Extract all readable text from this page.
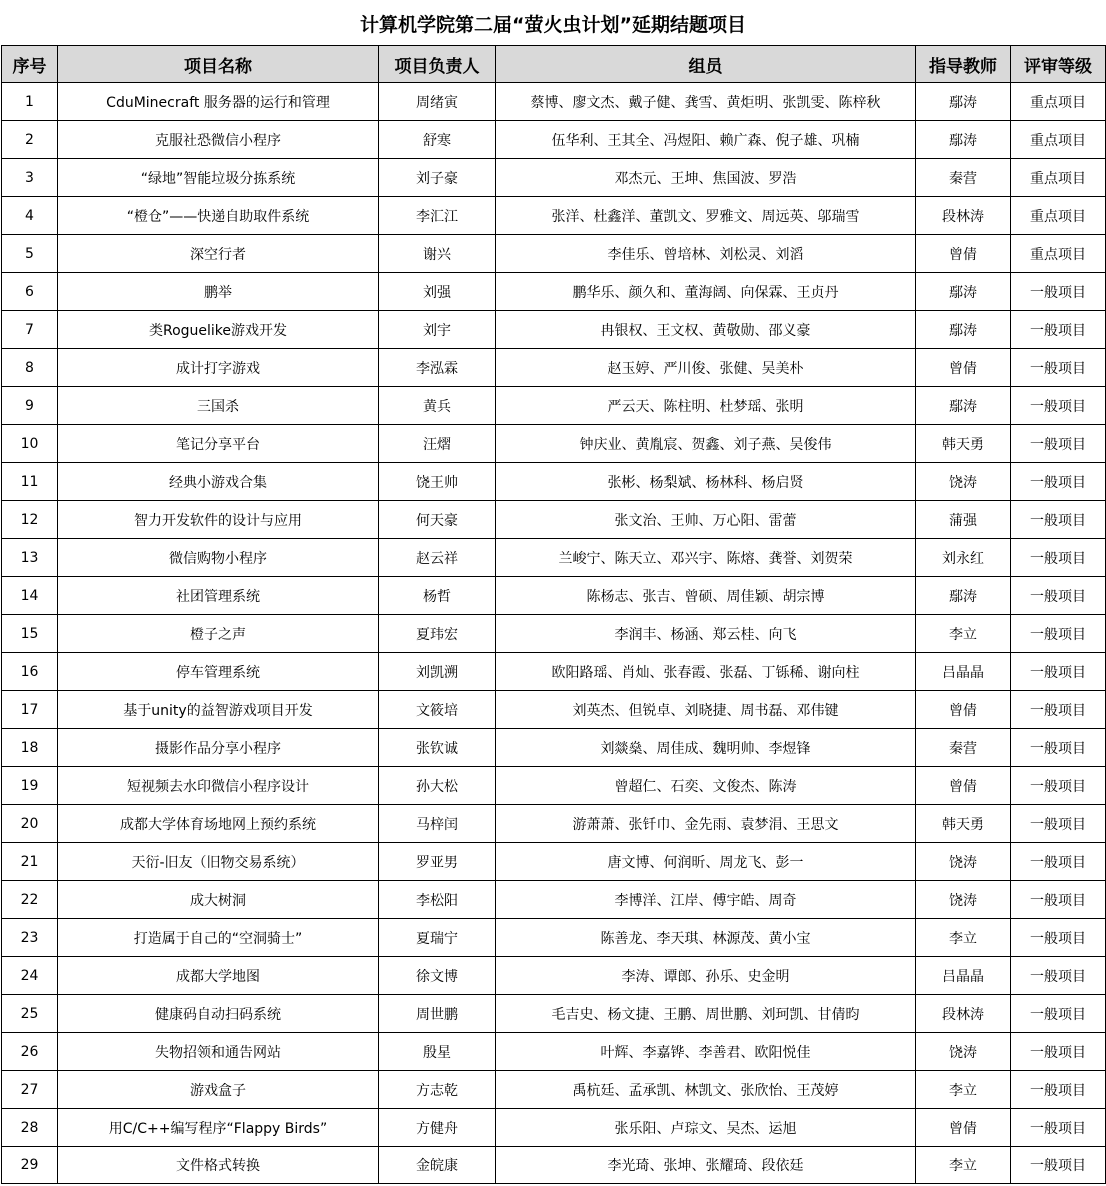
计算机学院第二届“萤火虫计划”延期结题项目
序号	项目名称	项目负责人	组员	指导教师	评审等级
1	CduMinecraft 服务器的运行和管理	周绪寅	蔡博、廖文杰、戴子健、龚雪、黄炬明、张凯雯、陈梓秋	鄢涛	重点项目
2	克服社恐微信小程序	舒寒	伍华利、王其全、冯煜阳、赖广森、倪子雄、巩楠	鄢涛	重点项目
3	“绿地”智能垃圾分拣系统	刘子豪	邓杰元、王坤、焦国波、罗浩	秦营	重点项目
4	“橙仓”——快递自助取件系统	李汇江	张洋、杜鑫洋、董凯文、罗雅文、周远英、邬瑞雪	段林涛	重点项目
5	深空行者	谢兴	李佳乐、曾培林、刘松灵、刘滔	曾倩	重点项目
6	鹏举	刘强	鹏华乐、颜久和、董海阔、向保霖、王贞丹	鄢涛	一般项目
7	类Roguelike游戏开发	刘宇	冉银权、王文权、黄敬勋、邵义豪	鄢涛	一般项目
8	成计打字游戏	李泓霖	赵玉婷、严川俊、张健、吴美朴	曾倩	一般项目
9	三国杀	黄兵	严云天、陈柱明、杜梦瑶、张明	鄢涛	一般项目
10	笔记分享平台	汪熠	钟庆业、黄胤宸、贺鑫、刘子燕、吴俊伟	韩天勇	一般项目
11	经典小游戏合集	饶王帅	张彬、杨梨斌、杨林科、杨启贤	饶涛	一般项目
12	智力开发软件的设计与应用	何天豪	张文治、王帅、万心阳、雷蕾	蒲强	一般项目
13	微信购物小程序	赵云祥	兰峻宁、陈天立、邓兴宇、陈熔、龚誉、刘贺荣	刘永红	一般项目
14	社团管理系统	杨哲	陈杨志、张吉、曾硕、周佳颖、胡宗博	鄢涛	一般项目
15	橙子之声	夏玮宏	李润丰、杨涵、郑云桂、向飞	李立	一般项目
16	停车管理系统	刘凯溯	欧阳路瑶、肖灿、张春霞、张磊、丁铄稀、谢向柱	吕晶晶	一般项目
17	基于unity的益智游戏项目开发	文筱培	刘英杰、但锐卓、刘晓捷、周书磊、邓伟键	曾倩	一般项目
18	摄影作品分享小程序	张钦诚	刘燚燊、周佳成、魏明帅、李煜锋	秦营	一般项目
19	短视频去水印微信小程序设计	孙大松	曾超仁、石奕、文俊杰、陈涛	曾倩	一般项目
20	成都大学体育场地网上预约系统	马梓闰	游萧萧、张钎巾、金先雨、袁梦涓、王思文	韩天勇	一般项目
21	天衍-旧友（旧物交易系统）	罗亚男	唐文博、何润昕、周龙飞、彭一	饶涛	一般项目
22	成大树洞	李松阳	李博洋、江岸、傅宇皓、周奇	饶涛	一般项目
23	打造属于自己的“空洞骑士”	夏瑞宁	陈善龙、李天琪、林源茂、黄小宝	李立	一般项目
24	成都大学地图	徐文博	李涛、谭郎、孙乐、史金明	吕晶晶	一般项目
25	健康码自动扫码系统	周世鹏	毛吉史、杨文捷、王鹏、周世鹏、刘珂凯、甘倩昀	段林涛	一般项目
26	失物招领和通告网站	殷星	叶辉、李嘉铧、李善君、欧阳悦佳	饶涛	一般项目
27	游戏盒子	方志乾	禹杭廷、孟承凯、林凯文、张欣怡、王茂婷	李立	一般项目
28	用C/C++编写程序“Flappy Birds”	方健舟	张乐阳、卢琮文、吴杰、运旭	曾倩	一般项目
29	文件格式转换	金皖康	李光琦、张坤、张耀琦、段依廷	李立	一般项目
